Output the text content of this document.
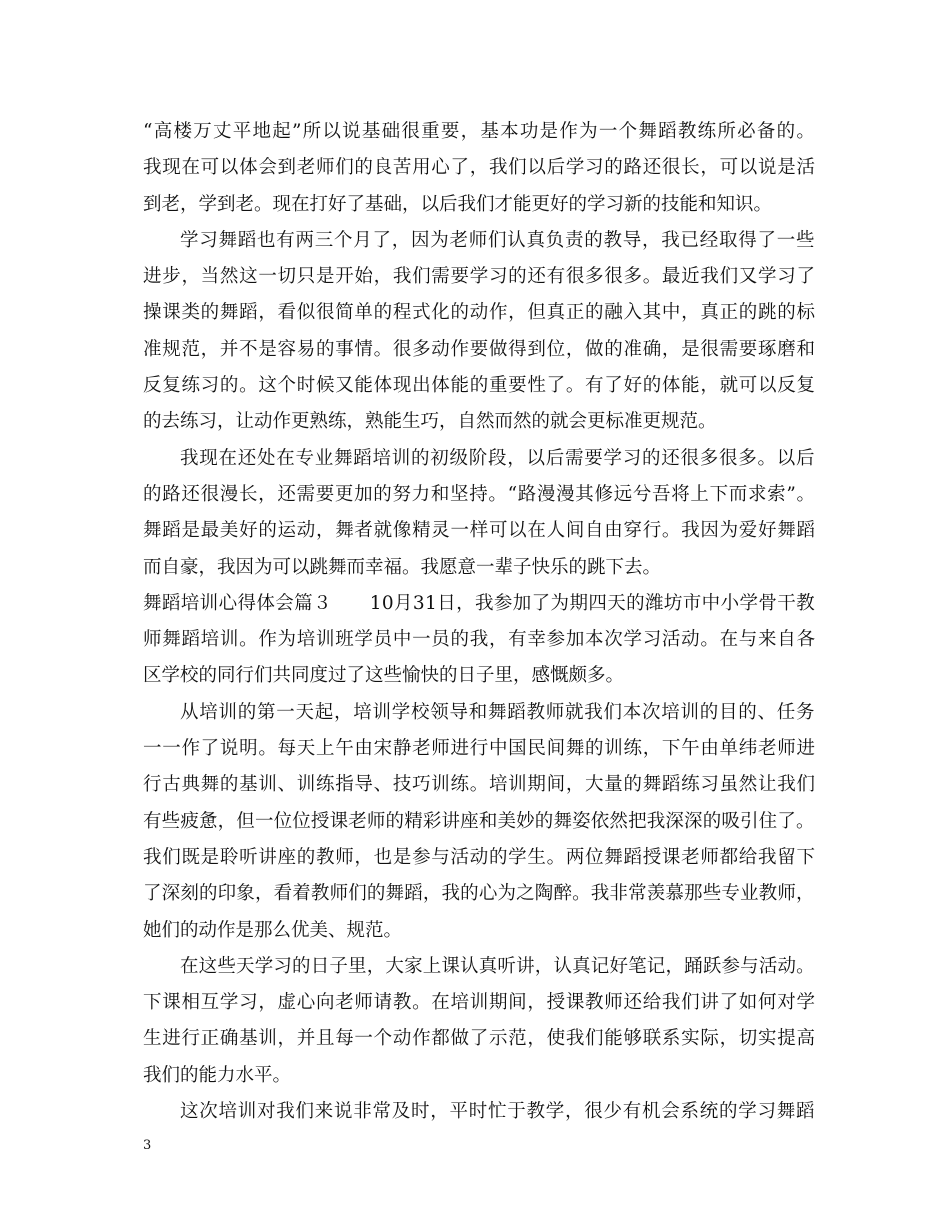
“ 高 楼 万 丈 平 地 起 ” 所 以 说 基 础 很 重 要 ， 基 本 功 是 作 为 一 个 舞 蹈 教 练 所 必 备 的 。
我 现 在 可 以 体 会 到 老 师 们 的 良 苦 用 心 了 ， 我 们 以 后 学 习 的 路 还 很 长 ， 可 以 说 是 活
到老，学到老。现在打好了基础，以后我们才能更好的学习新的技能和知识。
学 习 舞 蹈 也 有 两 三 个 月 了 ， 因 为 老 师 们 认 真 负 责 的 教 导 ， 我 已 经 取 得 了 一 些
进 步 ， 当 然 这 一 切 只 是 开 始 ， 我 们 需 要 学 习 的 还 有 很 多 很 多 。 最 近 我 们 又 学 习 了
操 课 类 的 舞 蹈 ， 看 似 很 简 单 的 程 式 化 的 动 作 ， 但 真 正 的 融 入 其 中 ， 真 正 的 跳 的 标
准 规 范 ， 并 不 是 容 易 的 事 情 。 很 多 动 作 要 做 得 到 位 ， 做 的 准 确 ， 是 很 需 要 琢 磨 和
反 复 练 习 的 。 这 个 时 候 又 能 体 现 出 体 能 的 重 要 性 了 。 有 了 好 的 体 能 ， 就 可 以 反 复
的去练习，让动作更熟练，熟能生巧，自然而然的就会更标准更规范。
我 现 在 还 处 在 专 业 舞 蹈 培 训 的 初 级 阶 段 ， 以 后 需 要 学 习 的 还 很 多 很 多 。 以 后
的 路 还 很 漫 长 ， 还 需 要 更 加 的 努 力 和 坚 持 。 “ 路 漫 漫 其 修 远 兮 吾 将 上 下 而 求 索 ” 。
舞 蹈 是 最 美 好 的 运 动 ， 舞 者 就 像 精 灵 一 样 可 以 在 人 间 自 由 穿 行 。 我 因 为 爱 好 舞 蹈
而自豪，我因为可以跳舞而幸福。我愿意一辈子快乐的跳下去。
舞 蹈 培 训 心 得 体 会 篇 ３

　 1 0 月 3 1 日 ， 我 参 加 了 为 期 四 天 的 潍 坊 市 中 小 学 骨 干 教
师 舞 蹈 培 训 。 作 为 培 训 班 学 员 中 一 员 的 我 ， 有 幸 参 加 本 次 学 习 活 动 。 在 与 来 自 各
区学校的同行们共同度过了这些愉快的日子里，感慨颇多。
从 培 训 的 第 一 天 起 ， 培 训 学 校 领 导 和 舞 蹈 教 师 就 我 们 本 次 培 训 的 目 的 、 任 务
一 一 作 了 说 明 。 每 天 上 午 由 宋 静 老 师 进 行 中 国 民 间 舞 的 训 练 ， 下 午 由 单 纬 老 师 进
行 古 典 舞 的 基 训 、 训 练 指 导 、 技 巧 训 练 。 培 训 期 间 ， 大 量 的 舞 蹈 练 习 虽 然 让 我 们
有 些 疲 惫 ， 但 一 位 位 授 课 老 师 的 精 彩 讲 座 和 美 妙 的 舞 姿 依 然 把 我 深 深 的 吸 引 住 了 。
我 们 既 是 聆 听 讲 座 的 教 师 ， 也 是 参 与 活 动 的 学 生 。 两 位 舞 蹈 授 课 老 师 都 给 我 留 下
了 深 刻 的 印 象 ， 看 着 教 师 们 的 舞 蹈 ， 我 的 心 为 之 陶 醉 。 我 非 常 羡 慕 那 些 专 业 教 师 ，
她们的动作是那么优美、规范。
在 这 些 天 学 习 的 日 子 里 ， 大 家 上 课 认 真 听 讲 ， 认 真 记 好 笔 记 ， 踊 跃 参 与 活 动 。
下 课 相 互 学 习 ， 虚 心 向 老 师 请 教 。 在 培 训 期 间 ， 授 课 教 师 还 给 我 们 讲 了 如 何 对 学
生 进 行 正 确 基 训 ， 并 且 每 一 个 动 作 都 做 了 示 范 ， 使 我 们 能 够 联 系 实 际 ， 切 实 提 高
我们的能力水平。
这 次 培 训 对 我 们 来 说 非 常 及 时 ， 平 时 忙 于 教 学 ， 很 少 有 机 会 系 统 的 学 习 舞 蹈
3
